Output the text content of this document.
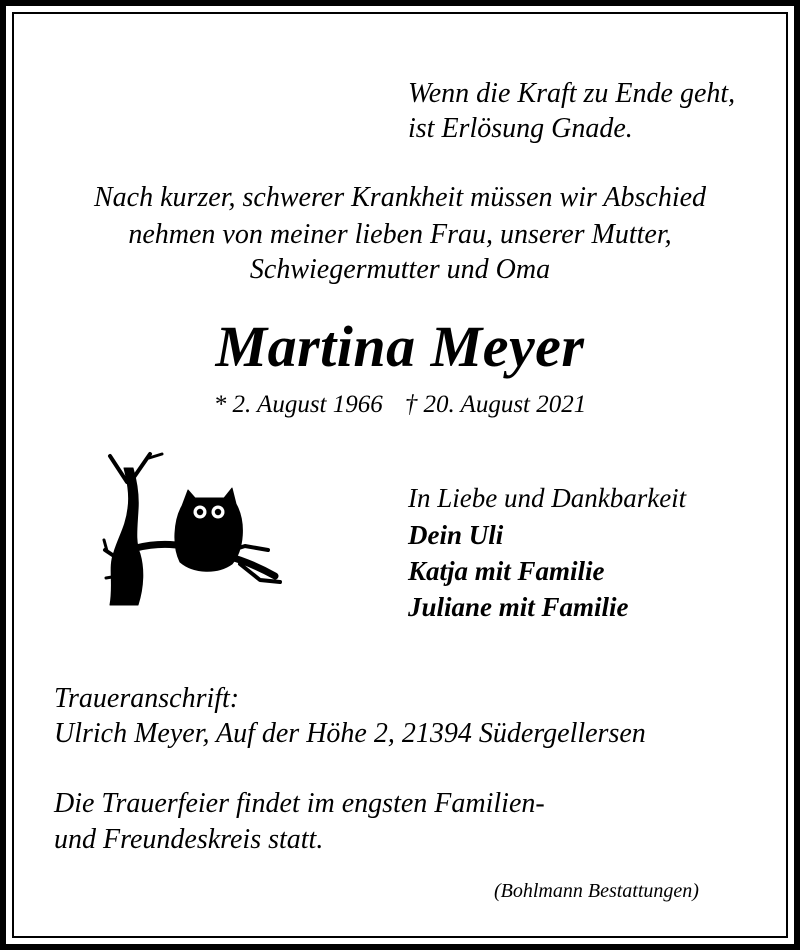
Wenn die Kraft zu Ende geht,
ist Erlösung Gnade.
Nach kurzer, schwerer Krankheit müssen wir Abschied
nehmen von meiner lieben Frau, unserer Mutter,
Schwiegermutter und Oma
Martina Meyer
* 2. August 1966 † 20. August 2021
In Liebe und Dankbarkeit
Dein Uli
Katja mit Familie
Juliane mit Familie
Traueranschrift:
Ulrich Meyer, Auf der Höhe 2, 21394 Südergellersen
Die Trauerfeier findet im engsten Familien-
und Freundeskreis statt.
(Bohlmann Bestattungen)
